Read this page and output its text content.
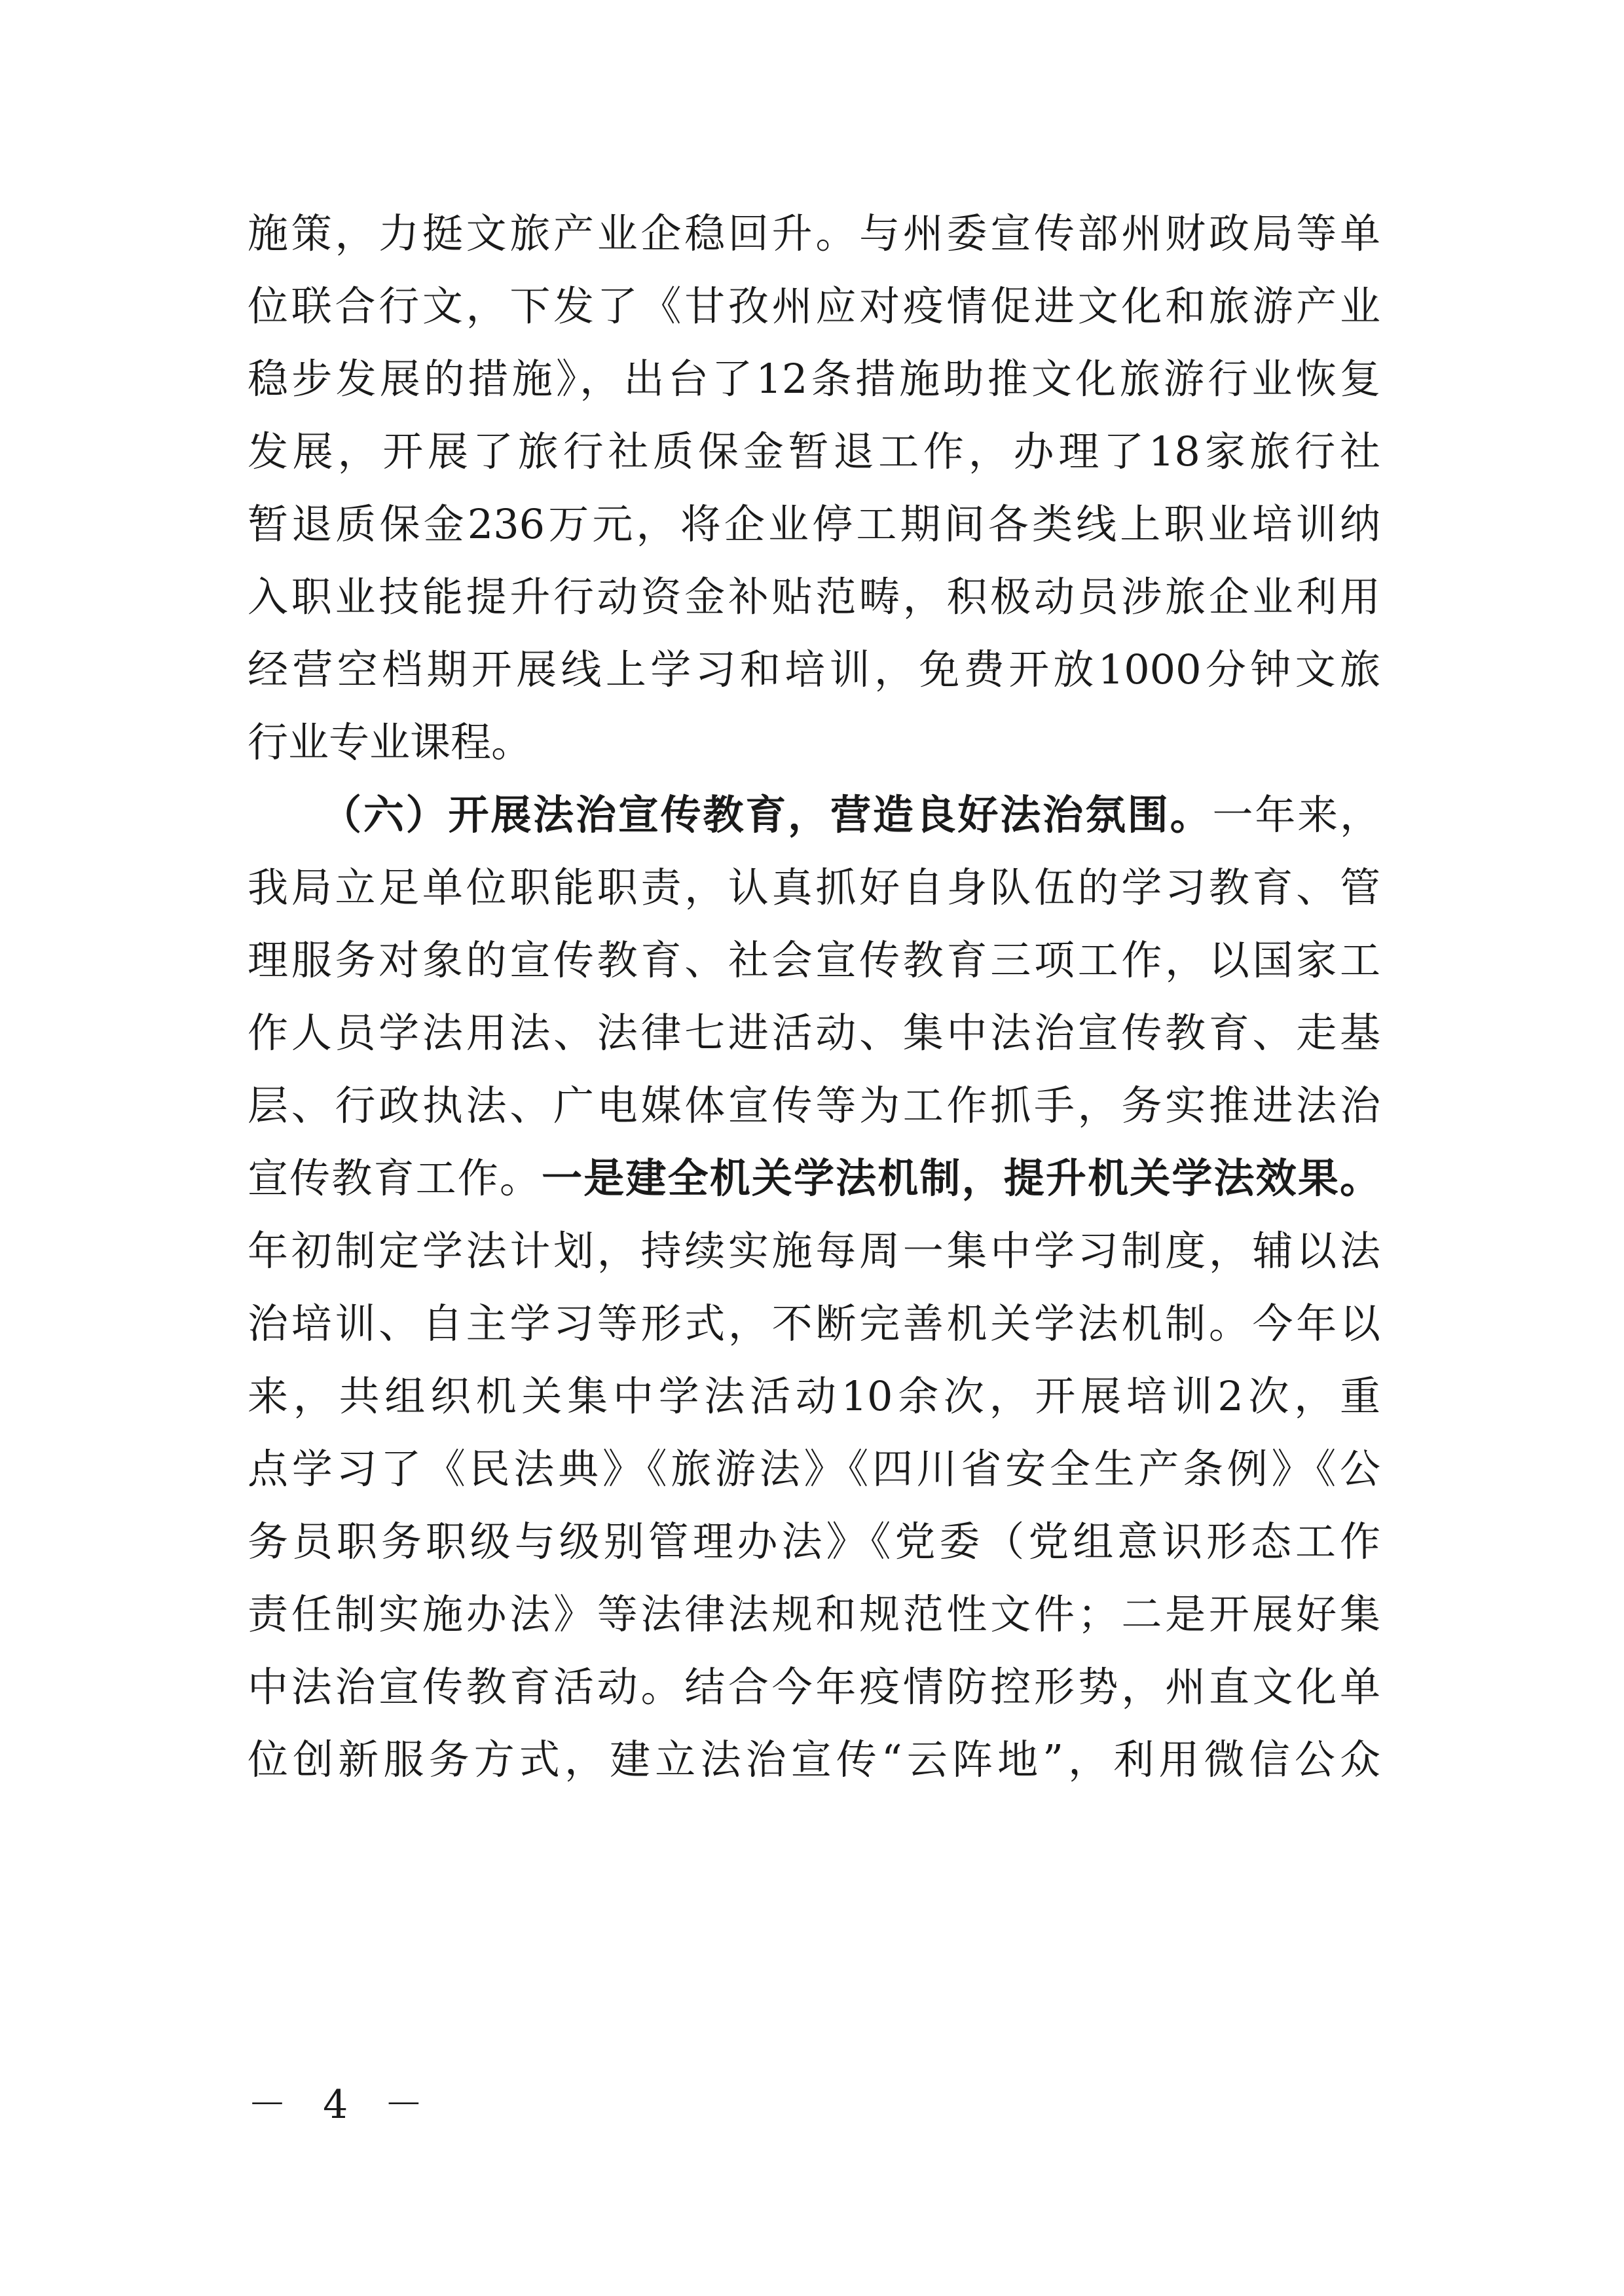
施策，力挺文旅产业企稳回升。与州委宣传部州财政局等单
位联合行文，下发了《甘孜州应对疫情促进文化和旅游产业
稳步发展的措施》，出台了12条措施助推文化旅游行业恢复
发展，开展了旅行社质保金暂退工作，办理了18家旅行社
暂退质保金236万元，将企业停工期间各类线上职业培训纳
入职业技能提升行动资金补贴范畴，积极动员涉旅企业利用
经营空档期开展线上学习和培训，免费开放1000分钟文旅
行业专业课程。
（六）开展法治宣传教育，营造良好法治氛围。一年来，
我局立足单位职能职责，认真抓好自身队伍的学习教育、管
理服务对象的宣传教育、社会宣传教育三项工作，以国家工
作人员学法用法、法律七进活动、集中法治宣传教育、走基
层、行政执法、广电媒体宣传等为工作抓手，务实推进法治
宣传教育工作。一是建全机关学法机制，提升机关学法效果。
年初制定学法计划，持续实施每周一集中学习制度，辅以法
治培训、自主学习等形式，不断完善机关学法机制。今年以
来，共组织机关集中学法活动10余次，开展培训2次，重
点学习了《民法典》《旅游法》《四川省安全生产条例》《公
务员职务职级与级别管理办法》《党委（党组意识形态工作
责任制实施办法》等法律法规和规范性文件；二是开展好集
中法治宣传教育活动。结合今年疫情防控形势，州直文化单
位创新服务方式，建立法治宣传“云阵地”，利用微信公众
－ 4 －
